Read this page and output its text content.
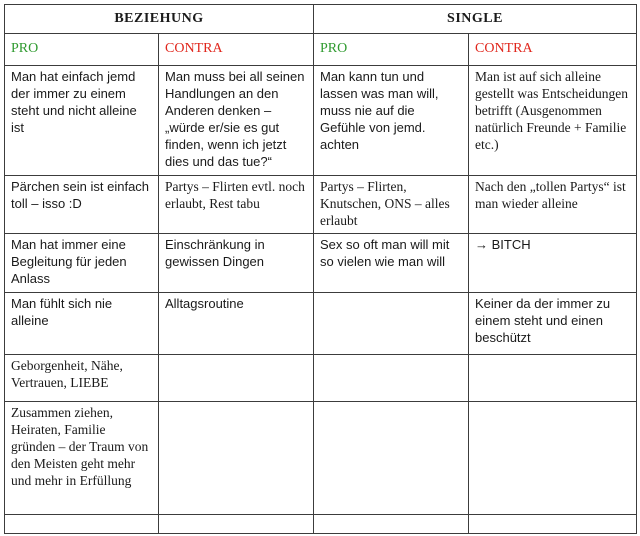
BEZIEHUNG		SINGLE	
PRO	CONTRA	PRO	CONTRA
Man hat einfach jemd der immer zu einem steht und nicht alleine ist	Man muss bei all seinen Handlungen an den Anderen denken – „würde er/sie es gut finden, wenn ich jetzt dies und das tue?“	Man kann tun und lassen was man will, muss nie auf die Gefühle von jemd. achten	Man ist auf sich alleine gestellt was Entscheidungen betrifft (Ausgenommen natürlich Freunde + Familie etc.)
Pärchen sein ist einfach toll – isso :D	Partys – Flirten evtl. noch erlaubt, Rest tabu	Partys – Flirten, Knutschen, ONS – alles erlaubt	Nach den „tollen Partys“ ist man wieder alleine
Man hat immer eine Begleitung für jeden Anlass	Einschränkung in gewissen Dingen	Sex so oft man will mit so vielen wie man will	→ BITCH
Man fühlt sich nie alleine	Alltagsroutine		Keiner da der immer zu einem steht und einen beschützt
Geborgenheit, Nähe, Vertrauen, LIEBE			
Zusammen ziehen, Heiraten, Familie gründen – der Traum von den Meisten geht mehr und mehr in Erfüllung			
